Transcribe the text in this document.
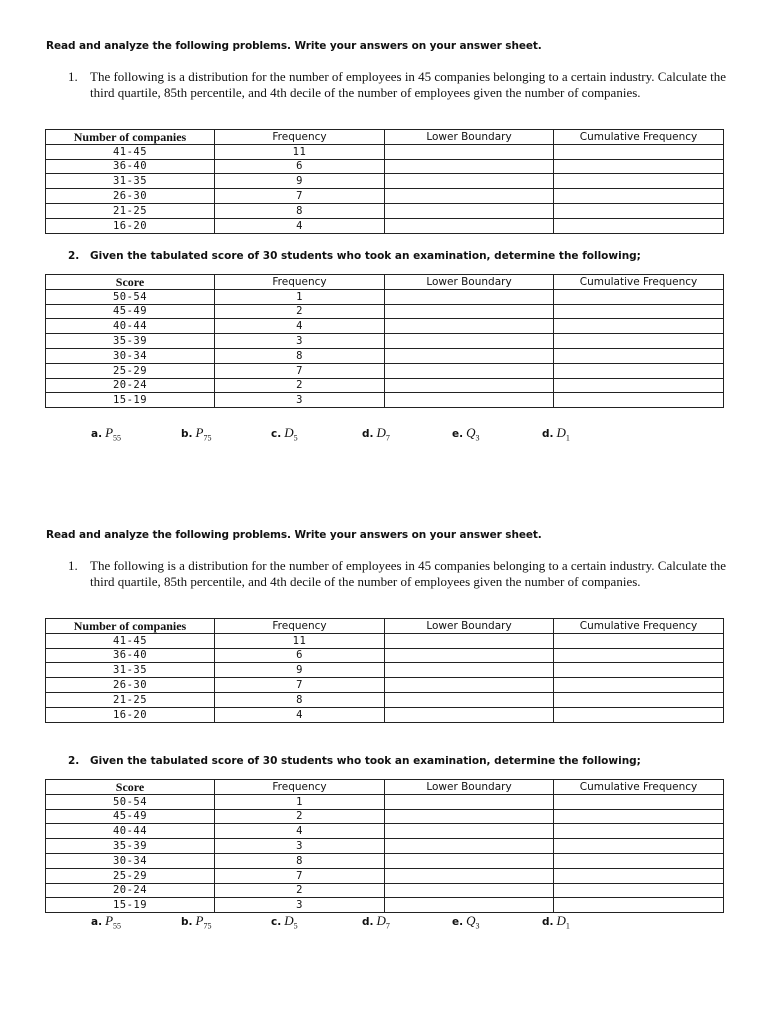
Read and analyze the following problems. Write your answers on your answer sheet.
1. The following is a distribution for the number of employees in 45 companies belonging to a certain industry. Calculate the third quartile, 85th percentile, and 4th decile of the number of employees given the number of companies.
Number of companies	Frequency	Lower Boundary	Cumulative Frequency
41-45	11		
36-40	6		
31-35	9		
26-30	7		
21-25	8		
16-20	4		
2. Given the tabulated score of 30 students who took an examination, determine the following;
Score	Frequency	Lower Boundary	Cumulative Frequency
50-54	1		
45-49	2		
40-44	4		
35-39	3		
30-34	8		
25-29	7		
20-24	2		
15-19	3		
a. $P_{55}$	b. $P_{75}$	c. $D_5$	d. $D_7$	e. $Q_3$	d. $D_1$
Read and analyze the following problems. Write your answers on your answer sheet.
1. The following is a distribution for the number of employees in 45 companies belonging to a certain industry. Calculate the third quartile, 85th percentile, and 4th decile of the number of employees given the number of companies.
Number of companies	Frequency	Lower Boundary	Cumulative Frequency
41-45	11		
36-40	6		
31-35	9		
26-30	7		
21-25	8		
16-20	4		
2. Given the tabulated score of 30 students who took an examination, determine the following;
Score	Frequency	Lower Boundary	Cumulative Frequency
50-54	1		
45-49	2		
40-44	4		
35-39	3		
30-34	8		
25-29	7		
20-24	2		
15-19	3		
a. $P_{55}$	b. $P_{75}$	c. $D_5$	d. $D_7$	e. $Q_3$	d. $D_1$
